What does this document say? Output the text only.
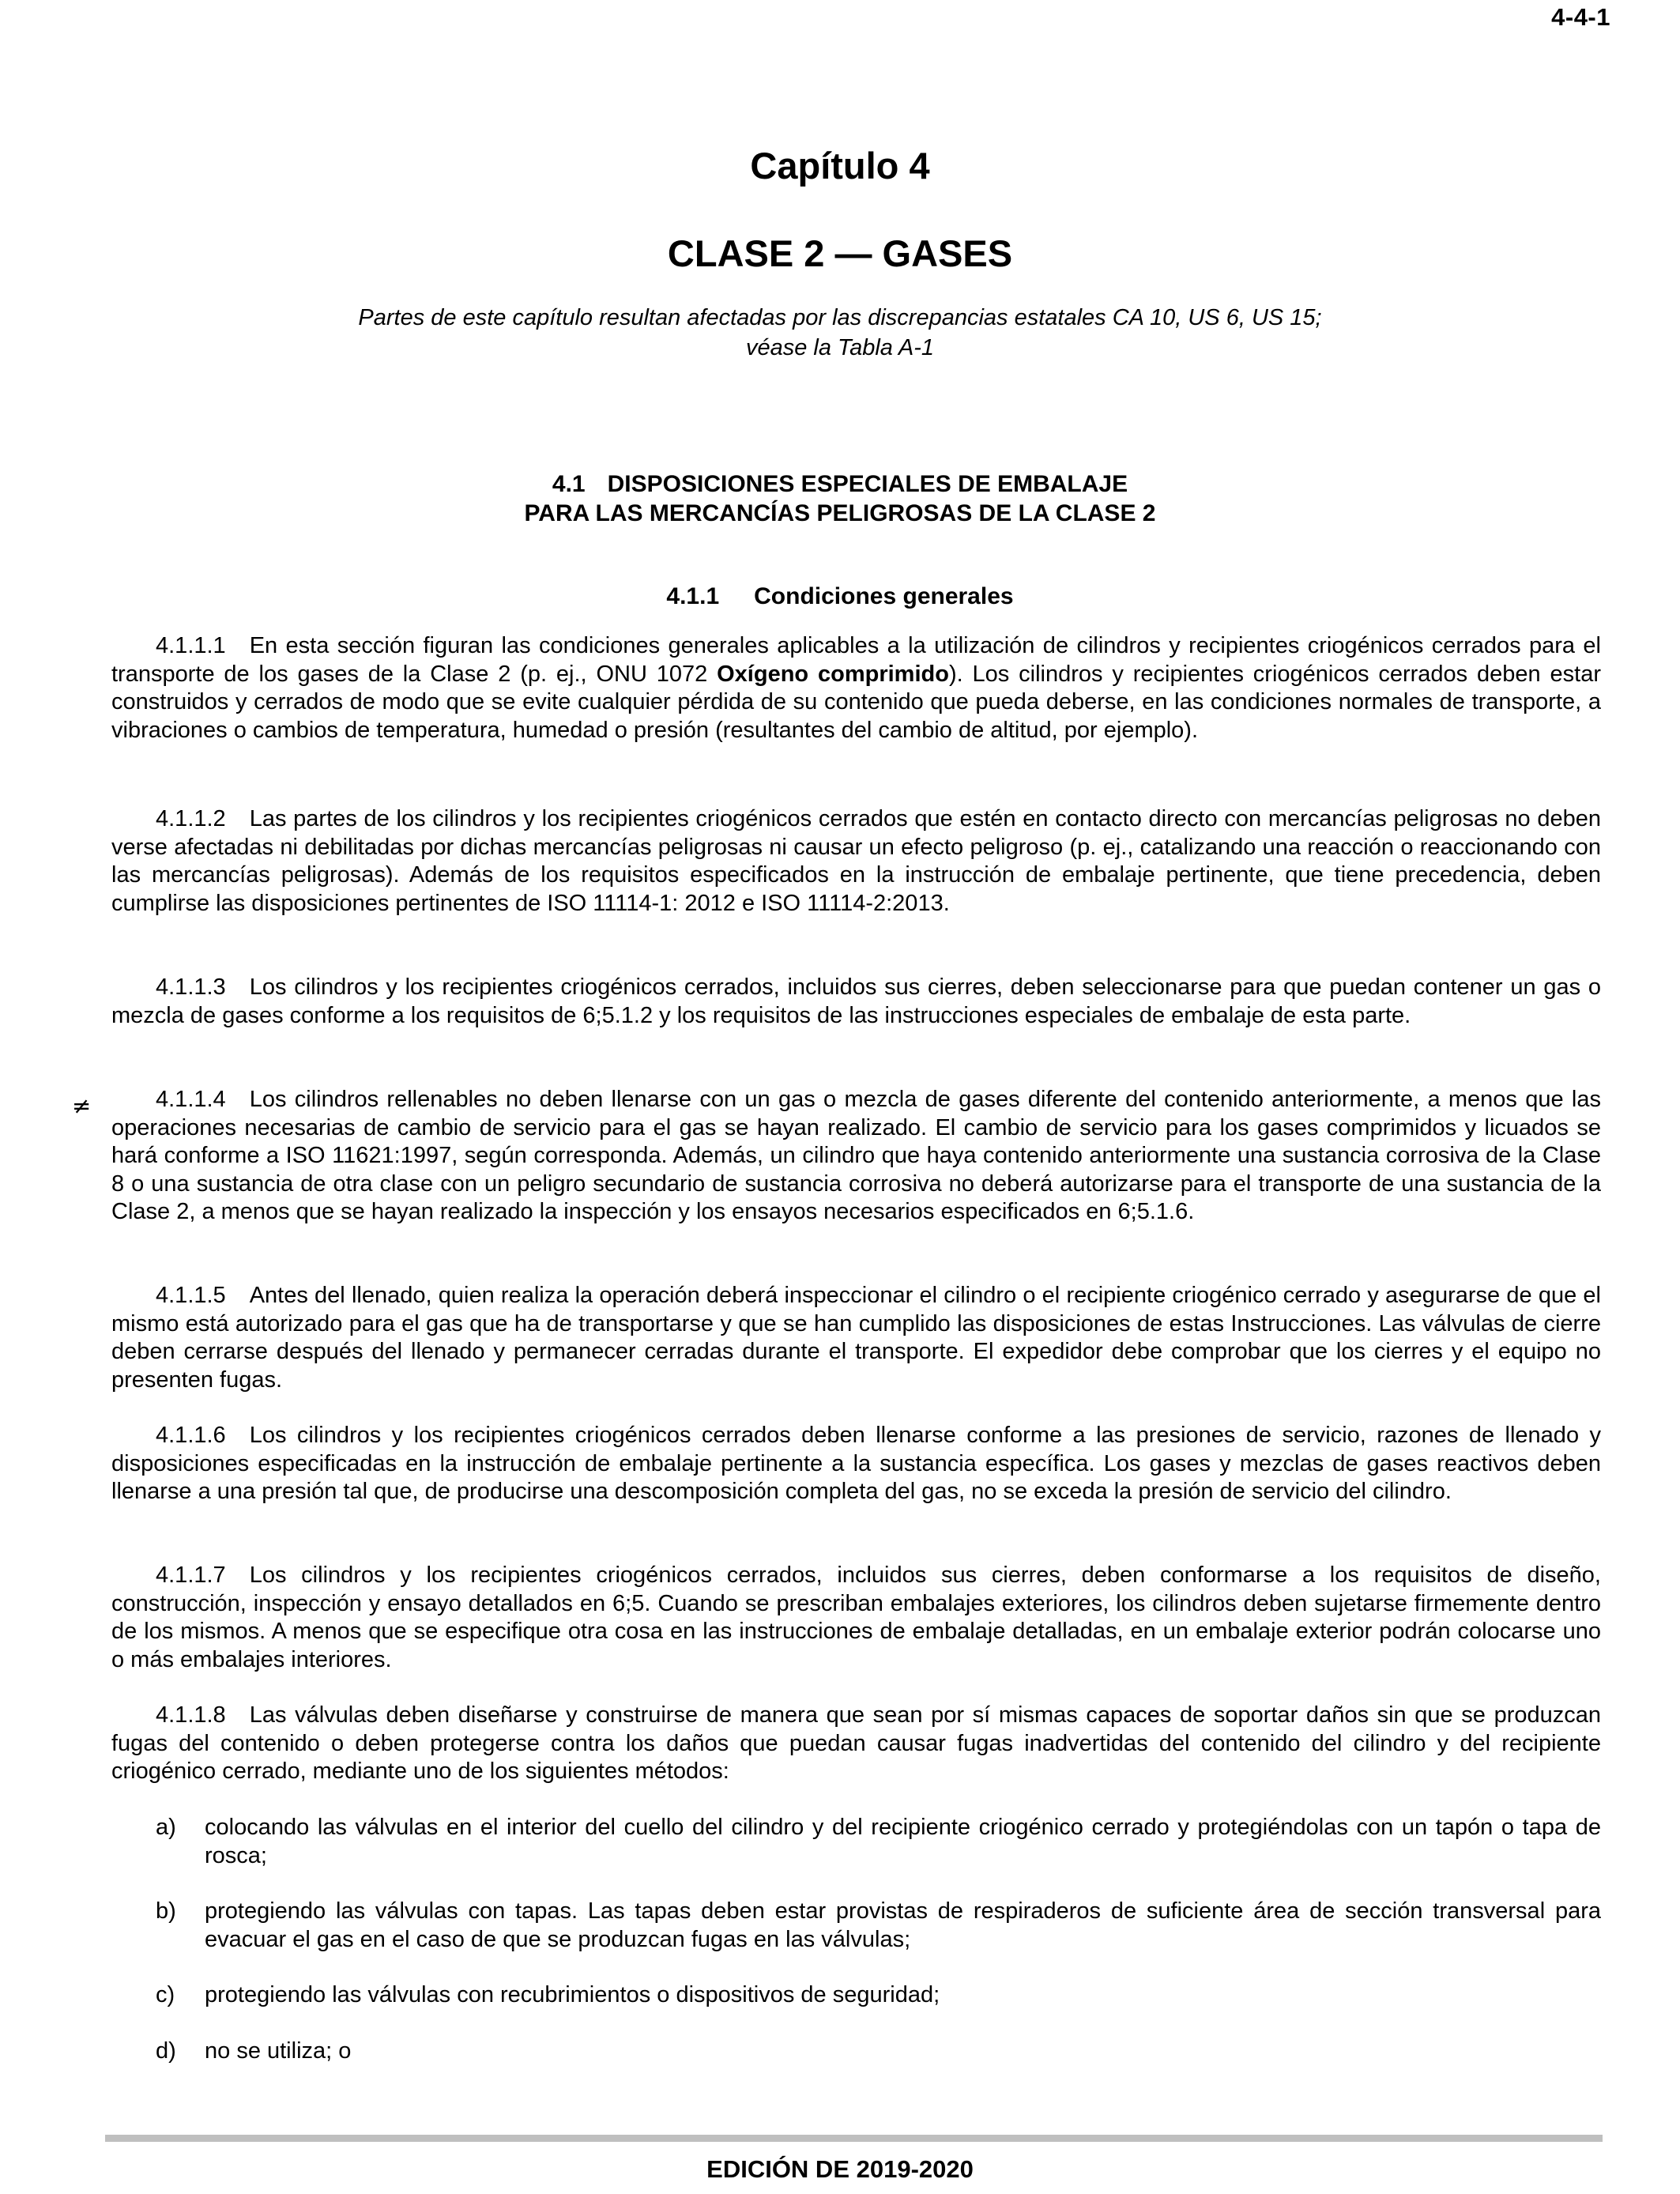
4-4-1
Capítulo 4
CLASE 2 — GASES
Partes de este capítulo resultan afectadas por las discrepancias estatales CA 10, US 6, US 15;
véase la Tabla A-1
4.1 DISPOSICIONES ESPECIALES DE EMBALAJE
PARA LAS MERCANCÍAS PELIGROSAS DE LA CLASE 2
4.1.1 Condiciones generales
4.1.1.1 En esta sección figuran las condiciones generales aplicables a la utilización de cilindros y recipientes criogénicos cerrados para el transporte de los gases de la Clase 2 (p. ej., ONU 1072 Oxígeno comprimido). Los cilindros y recipientes criogénicos cerrados deben estar construidos y cerrados de modo que se evite cualquier pérdida de su contenido que pueda deberse, en las condiciones normales de transporte, a vibraciones o cambios de temperatura, humedad o presión (resultantes del cambio de altitud, por ejemplo).
4.1.1.2 Las partes de los cilindros y los recipientes criogénicos cerrados que estén en contacto directo con mercancías peligrosas no deben verse afectadas ni debilitadas por dichas mercancías peligrosas ni causar un efecto peligroso (p. ej., catalizando una reacción o reaccionando con las mercancías peligrosas). Además de los requisitos especificados en la instrucción de embalaje pertinente, que tiene precedencia, deben cumplirse las disposiciones pertinentes de ISO 11114-1: 2012 e ISO 11114-2:2013.
4.1.1.3 Los cilindros y los recipientes criogénicos cerrados, incluidos sus cierres, deben seleccionarse para que puedan contener un gas o mezcla de gases conforme a los requisitos de 6;5.1.2 y los requisitos de las instrucciones especiales de embalaje de esta parte.
≠	4.1.1.4 Los cilindros rellenables no deben llenarse con un gas o mezcla de gases diferente del contenido anteriormente, a menos que las operaciones necesarias de cambio de servicio para el gas se hayan realizado. El cambio de servicio para los gases comprimidos y licuados se hará conforme a ISO 11621:1997, según corresponda. Además, un cilindro que haya contenido anteriormente una sustancia corrosiva de la Clase 8 o una sustancia de otra clase con un peligro secundario de sustancia corrosiva no deberá autorizarse para el transporte de una sustancia de la Clase 2, a menos que se hayan realizado la inspección y los ensayos necesarios especificados en 6;5.1.6.
4.1.1.5 Antes del llenado, quien realiza la operación deberá inspeccionar el cilindro o el recipiente criogénico cerrado y asegurarse de que el mismo está autorizado para el gas que ha de transportarse y que se han cumplido las disposiciones de estas Instrucciones. Las válvulas de cierre deben cerrarse después del llenado y permanecer cerradas durante el transporte. El expedidor debe comprobar que los cierres y el equipo no presenten fugas.
4.1.1.6 Los cilindros y los recipientes criogénicos cerrados deben llenarse conforme a las presiones de servicio, razones de llenado y disposiciones especificadas en la instrucción de embalaje pertinente a la sustancia específica. Los gases y mezclas de gases reactivos deben llenarse a una presión tal que, de producirse una descomposición completa del gas, no se exceda la presión de servicio del cilindro.
4.1.1.7 Los cilindros y los recipientes criogénicos cerrados, incluidos sus cierres, deben conformarse a los requisitos de diseño, construcción, inspección y ensayo detallados en 6;5. Cuando se prescriban embalajes exteriores, los cilindros deben sujetarse firmemente dentro de los mismos. A menos que se especifique otra cosa en las instrucciones de embalaje detalladas, en un embalaje exterior podrán colocarse uno o más embalajes interiores.
4.1.1.8 Las válvulas deben diseñarse y construirse de manera que sean por sí mismas capaces de soportar daños sin que se produzcan fugas del contenido o deben protegerse contra los daños que puedan causar fugas inadvertidas del contenido del cilindro y del recipiente criogénico cerrado, mediante uno de los siguientes métodos:
a) colocando las válvulas en el interior del cuello del cilindro y del recipiente criogénico cerrado y protegiéndolas con un tapón o tapa de rosca;
b) protegiendo las válvulas con tapas. Las tapas deben estar provistas de respiraderos de suficiente área de sección transversal para evacuar el gas en el caso de que se produzcan fugas en las válvulas;
c) protegiendo las válvulas con recubrimientos o dispositivos de seguridad;
d) no se utiliza; o
EDICIÓN DE 2019-2020
